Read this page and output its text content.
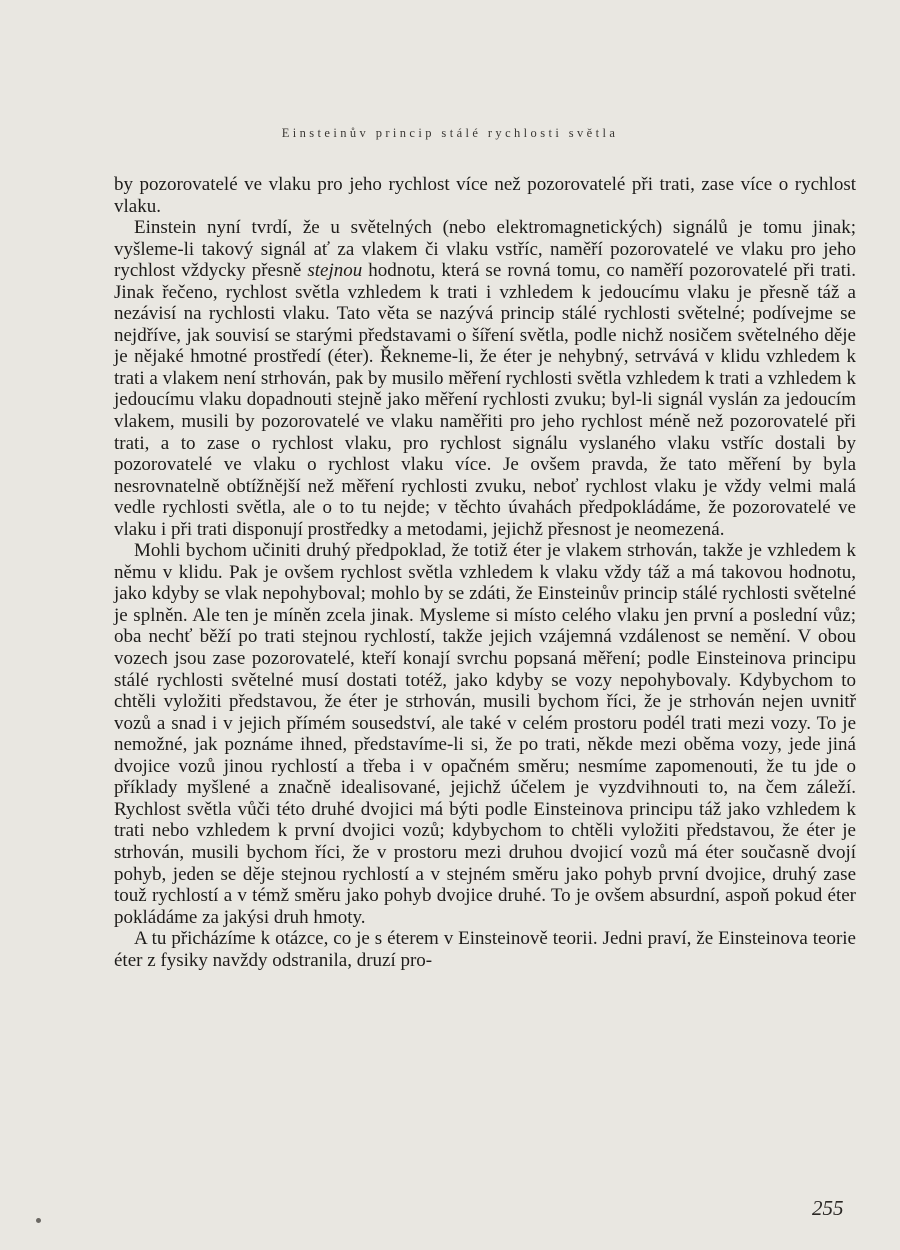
Einsteinův princip stálé rychlosti světla

by pozorovatelé ve vlaku pro jeho rychlost více než pozorovatelé při trati, zase více o rychlost vlaku.

Einstein nyní tvrdí, že u světelných (nebo elektromagnetických) signálů je tomu jinak; vyšleme-li takový signál ať za vlakem či vlaku vstříc, naměří pozorovatelé ve vlaku pro jeho rychlost vždycky přesně stejnou hodnotu, která se rovná tomu, co naměří pozorovatelé při trati. Jinak řečeno, rychlost světla vzhledem k trati i vzhledem k jedoucímu vlaku je přesně táž a nezávisí na rychlosti vlaku. Tato věta se nazývá princip stálé rychlosti světelné; podívejme se nejdříve, jak souvisí se starými představami o šíření světla, podle nichž nosičem světelného děje je nějaké hmotné prostředí (éter). Řekneme-li, že éter je nehybný, setrvává v klidu vzhledem k trati a vlakem není strhován, pak by musilo měření rychlosti světla vzhledem k trati a vzhledem k jedoucímu vlaku dopadnouti stejně jako měření rychlosti zvuku; byl-li signál vyslán za jedoucím vlakem, musili by pozorovatelé ve vlaku naměřiti pro jeho rychlost méně než pozorovatelé při trati, a to zase o rychlost vlaku, pro rychlost signálu vyslaného vlaku vstříc dostali by pozorovatelé ve vlaku o rychlost vlaku více. Je ovšem pravda, že tato měření by byla nesrovnatelně obtížnější než měření rychlosti zvuku, neboť rychlost vlaku je vždy velmi malá vedle rychlosti světla, ale o to tu nejde; v těchto úvahách předpokládáme, že pozorovatelé ve vlaku i při trati disponují prostředky a metodami, jejichž přesnost je neomezená.

Mohli bychom učiniti druhý předpoklad, že totiž éter je vlakem strhován, takže je vzhledem k němu v klidu. Pak je ovšem rychlost světla vzhledem k vlaku vždy táž a má takovou hodnotu, jako kdyby se vlak nepohyboval; mohlo by se zdáti, že Einsteinův princip stálé rychlosti světelné je splněn. Ale ten je míněn zcela jinak. Mysleme si místo celého vlaku jen první a poslední vůz; oba nechť běží po trati stejnou rychlostí, takže jejich vzájemná vzdálenost se nemění. V obou vozech jsou zase pozorovatelé, kteří konají svrchu popsaná měření; podle Einsteinova principu stálé rychlosti světelné musí dostati totéž, jako kdyby se vozy nepohybovaly. Kdybychom to chtěli vyložiti představou, že éter je strhován, musili bychom říci, že je strhován nejen uvnitř vozů a snad i v jejich přímém sousedství, ale také v celém prostoru podél trati mezi vozy. To je nemožné, jak poznáme ihned, představíme-li si, že po trati, někde mezi oběma vozy, jede jiná dvojice vozů jinou rychlostí a třeba i v opačném směru; nesmíme zapomenouti, že tu jde o příklady myšlené a značně idealisované, jejichž účelem je vyzdvihnouti to, na čem záleží. Rychlost světla vůči této druhé dvojici má býti podle Einsteinova principu táž jako vzhledem k trati nebo vzhledem k první dvojici vozů; kdybychom to chtěli vyložiti představou, že éter je strhován, musili bychom říci, že v prostoru mezi druhou dvojicí vozů má éter současně dvojí pohyb, jeden se děje stejnou rychlostí a v stejném směru jako pohyb první dvojice, druhý zase touž rychlostí a v témž směru jako pohyb dvojice druhé. To je ovšem absurdní, aspoň pokud éter pokládáme za jakýsi druh hmoty.

A tu přicházíme k otázce, co je s éterem v Einsteinově teorii. Jedni praví, že Einsteinova teorie éter z fysiky navždy odstranila, druzí pro-

255
